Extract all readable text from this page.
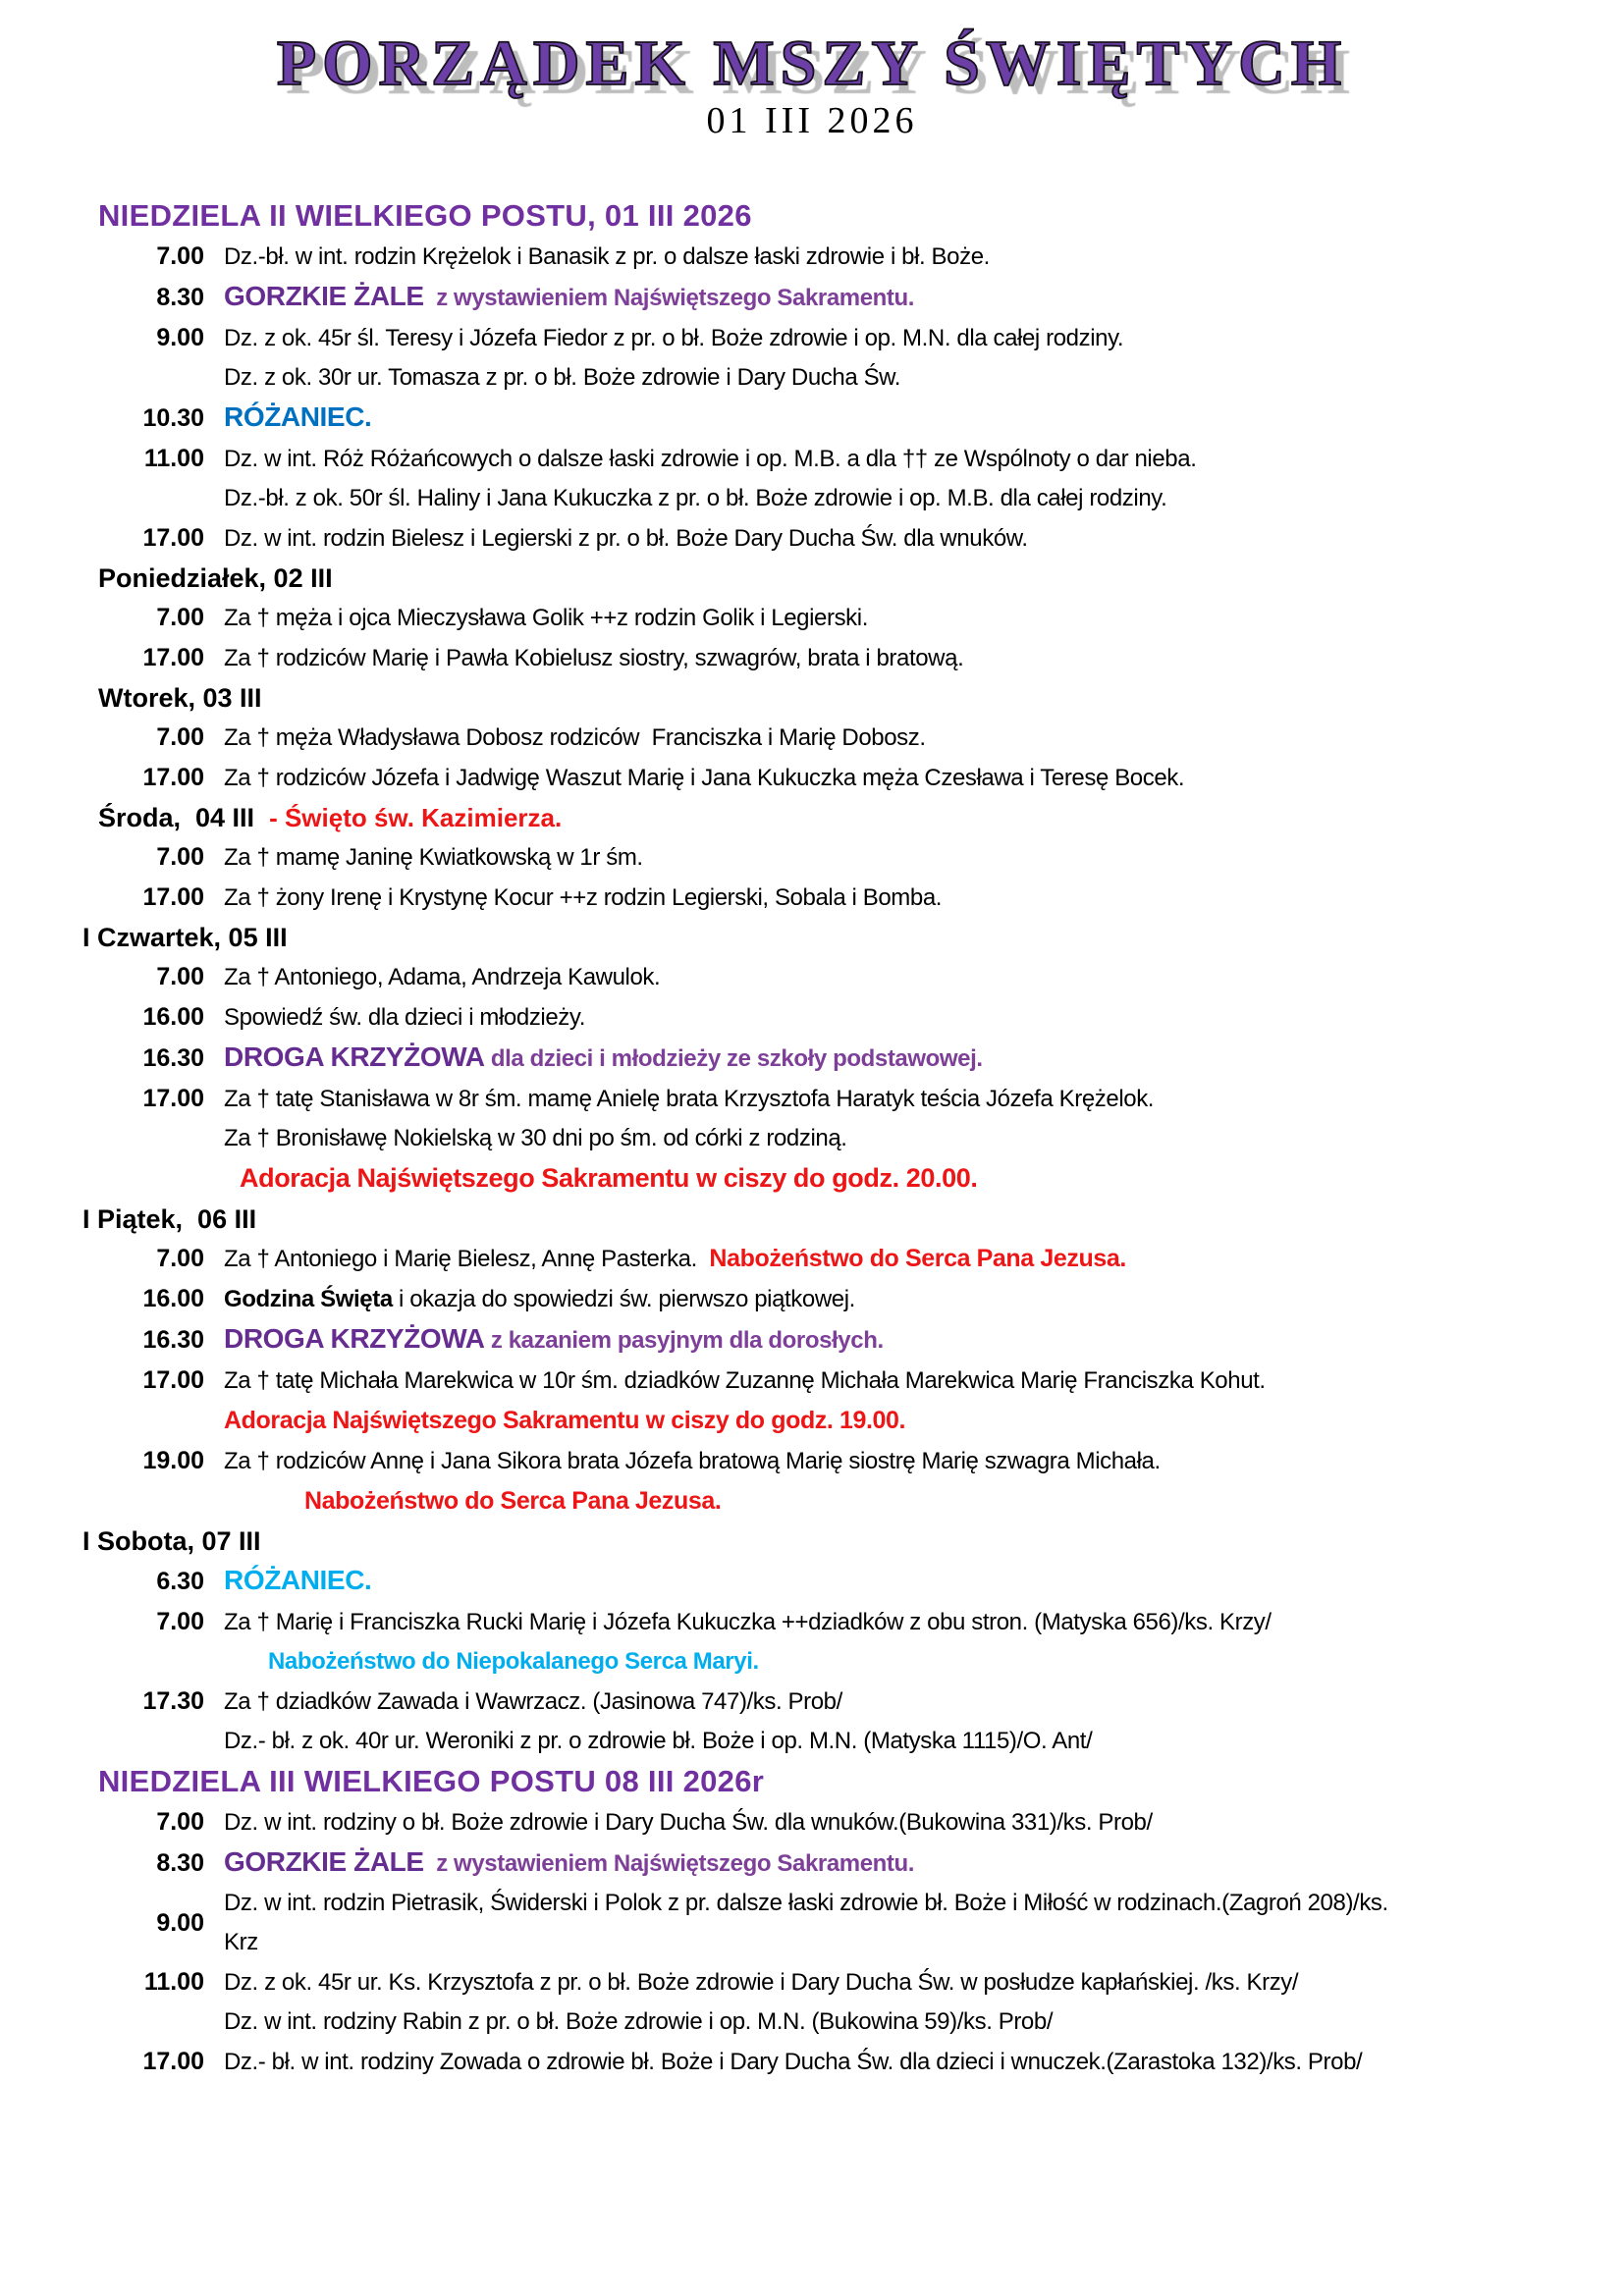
PORZĄDEK MSZY ŚWIĘTYCH
01 III 2026
NIEDZIELA II WIELKIEGO POSTU, 01 III 2026
7.00 Dz.-bł. w int. rodzin Krężelok i Banasik z pr. o dalsze łaski zdrowie i bł. Boże.
8.30 GORZKIE ŻALE  z wystawieniem Najświętszego Sakramentu.
9.00 Dz. z ok. 45r śl. Teresy i Józefa Fiedor z pr. o bł. Boże zdrowie i op. M.N. dla całej rodziny.
Dz. z ok. 30r ur. Tomasza z pr. o bł. Boże zdrowie i Dary Ducha Św.
10.30 RÓŻANIEC.
11.00 Dz. w int. Róż Różańcowych o dalsze łaski zdrowie i op. M.B. a dla †† ze Wspólnoty o dar nieba.
Dz.-bł. z ok. 50r śl. Haliny i Jana Kukuczka z pr. o bł. Boże zdrowie i op. M.B. dla całej rodziny.
17.00 Dz. w int. rodzin Bielesz i Legierski z pr. o bł. Boże Dary Ducha Św. dla wnuków.
Poniedziałek, 02 III
7.00 Za † męża i ojca Mieczysława Golik ++z rodzin Golik i Legierski.
17.00 Za † rodziców Marię i Pawła Kobielusz siostry, szwagrów, brata i bratową.
Wtorek, 03 III
7.00 Za † męża Władysława Dobosz rodziców  Franciszka i Marię Dobosz.
17.00 Za † rodziców Józefa i Jadwigę Waszut Marię i Jana Kukuczka męża Czesława i Teresę Bocek.
Środa,  04 III  - Święto św. Kazimierza.
7.00 Za † mamę Janinę Kwiatkowską w 1r śm.
17.00 Za † żony Irenę i Krystynę Kocur ++z rodzin Legierski, Sobala i Bomba.
I Czwartek, 05 III
7.00 Za † Antoniego, Adama, Andrzeja Kawulok.
16.00 Spowiedź św. dla dzieci i młodzieży.
16.30 DROGA KRZYŻOWA dla dzieci i młodzieży ze szkoły podstawowej.
17.00 Za † tatę Stanisława w 8r śm. mamę Anielę brata Krzysztofa Haratyk teścia Józefa Krężelok.
Za † Bronisławę Nokielską w 30 dni po śm. od córki z rodziną.
Adoracja Najświętszego Sakramentu w ciszy do godz. 20.00.
I Piątek,  06 III
7.00 Za † Antoniego i Marię Bielesz, Annę Pasterka.  Nabożeństwo do Serca Pana Jezusa.
16.00 Godzina Święta i okazja do spowiedzi św. pierwszo piątkowej.
16.30 DROGA KRZYŻOWA z kazaniem pasyjnym dla dorosłych.
17.00 Za † tatę Michała Marekwica w 10r śm. dziadków Zuzannę Michała Marekwica Marię Franciszka Kohut.
Adoracja Najświętszego Sakramentu w ciszy do godz. 19.00.
19.00 Za † rodziców Annę i Jana Sikora brata Józefa bratową Marię siostrę Marię szwagra Michała.
Nabożeństwo do Serca Pana Jezusa.
I Sobota, 07 III
6.30 RÓŻANIEC.
7.00 Za † Marię i Franciszka Rucki Marię i Józefa Kukuczka ++dziadków z obu stron. (Matyska 656)/ks. Krzy/
Nabożeństwo do Niepokalanego Serca Maryi.
17.30 Za † dziadków Zawada i Wawrzacz. (Jasinowa 747)/ks. Prob/
Dz.- bł. z ok. 40r ur. Weroniki z pr. o zdrowie bł. Boże i op. M.N. (Matyska 1115)/O. Ant/
NIEDZIELA III WIELKIEGO POSTU 08 III 2026r
7.00 Dz. w int. rodziny o bł. Boże zdrowie i Dary Ducha Św. dla wnuków.(Bukowina 331)/ks. Prob/
8.30 GORZKIE ŻALE  z wystawieniem Najświętszego Sakramentu.
9.00
Dz. w int. rodzin Pietrasik, Świderski i Polok z pr. dalsze łaski zdrowie bł. Boże i Miłość w rodzinach.(Zagroń 208)/ks.
Krz
11.00 Dz. z ok. 45r ur. Ks. Krzysztofa z pr. o bł. Boże zdrowie i Dary Ducha Św. w posłudze kapłańskiej. /ks. Krzy/
Dz. w int. rodziny Rabin z pr. o bł. Boże zdrowie i op. M.N. (Bukowina 59)/ks. Prob/
17.00 Dz.- bł. w int. rodziny Zowada o zdrowie bł. Boże i Dary Ducha Św. dla dzieci i wnuczek.(Zarastoka 132)/ks. Prob/
